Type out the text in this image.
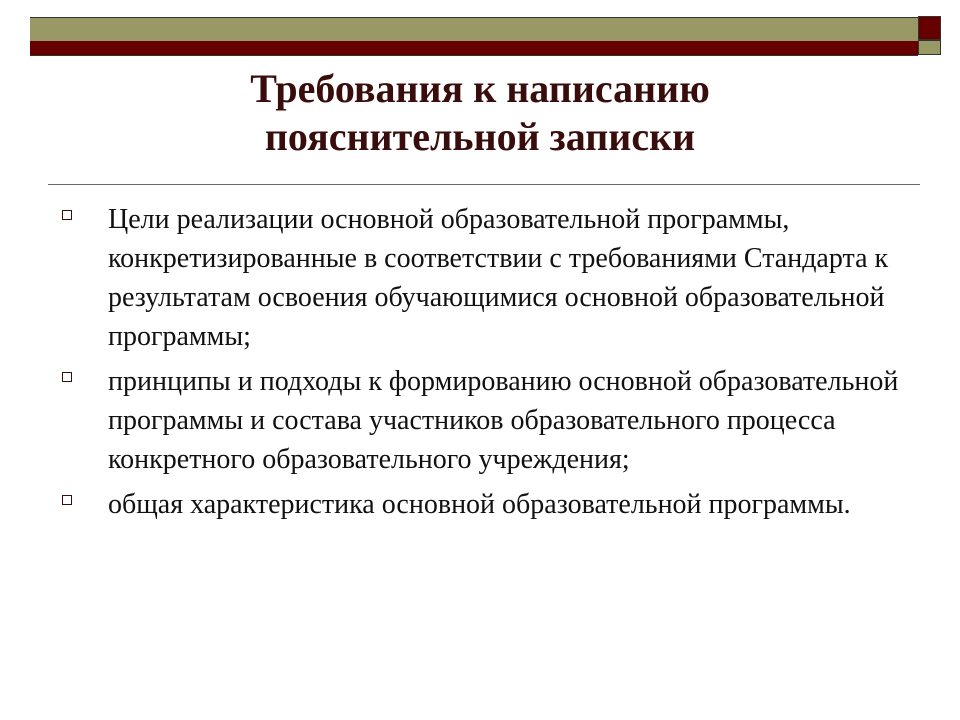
Требования к написанию
пояснительной записки
Цели реализации основной образовательной программы, конкретизированные в соответствии с требованиями Стандарта к результатам освоения обучающимися основной образовательной программы;
принципы и подходы к формированию основной образовательной программы и состава участников образовательного процесса конкретного образовательного учреждения;
общая характеристика основной образовательной программы.
